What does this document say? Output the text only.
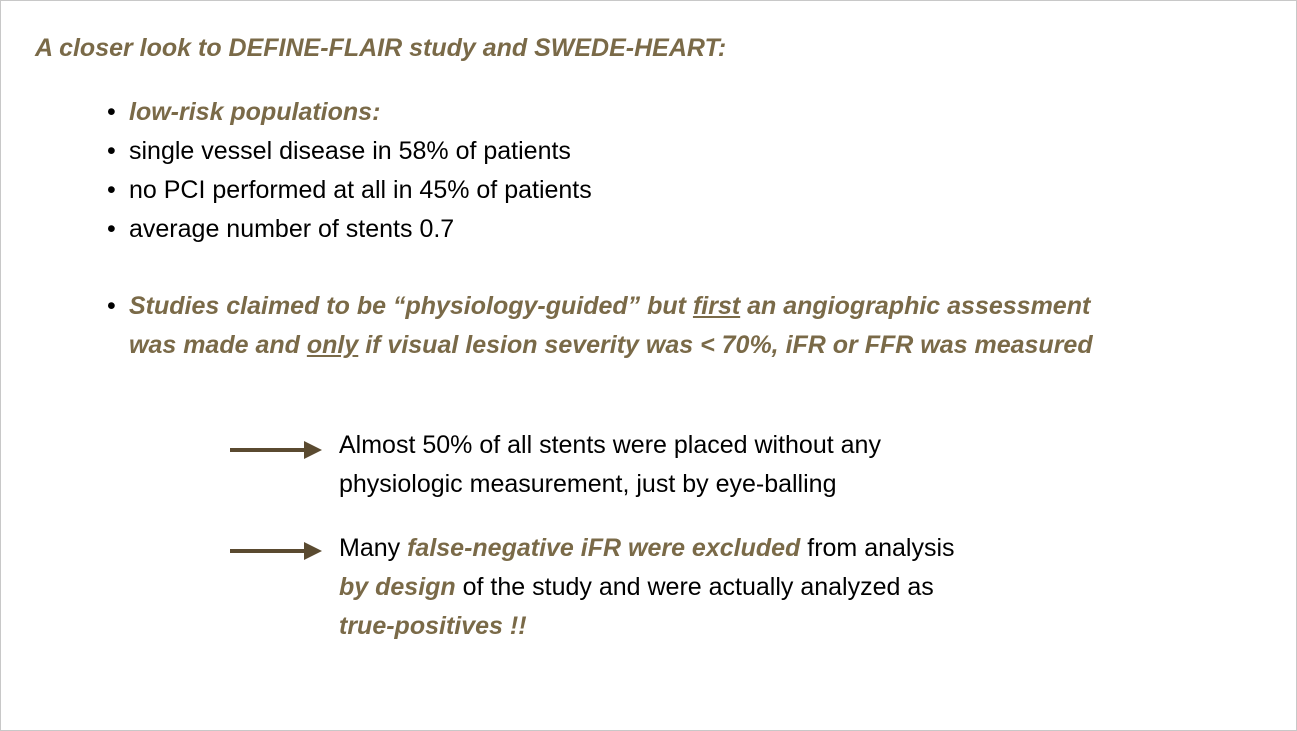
A closer look to DEFINE-FLAIR study and SWEDE-HEART:
• low-risk populations:
• single vessel disease in 58% of patients
• no PCI performed at all in 45% of patients
• average number of stents 0.7
• Studies claimed to be “physiology-guided” but first an angiographic assessment
was made and only if visual lesion severity was < 70%, iFR or FFR was measured
Almost 50% of all stents were placed without any
physiologic measurement, just by eye-balling
Many false-negative iFR were excluded from analysis
by design of the study and were actually analyzed as
true-positives !!
